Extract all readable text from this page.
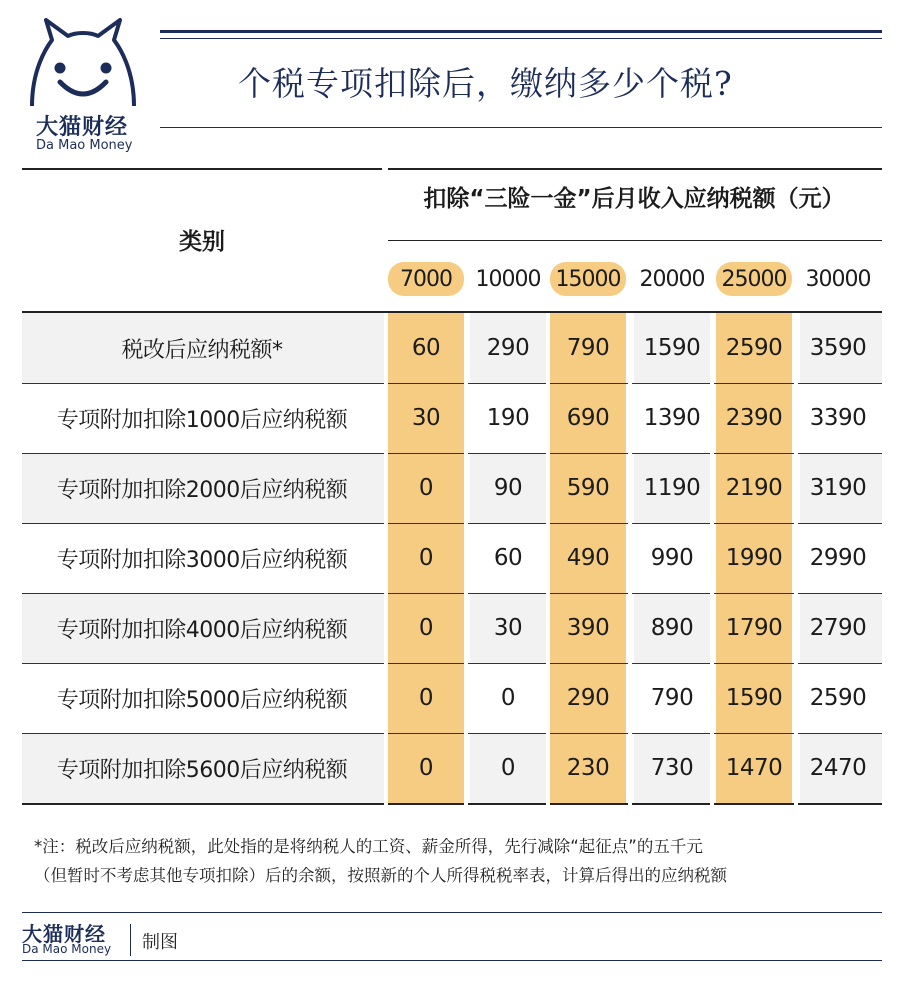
大猫财经
Da Mao Money
个税专项扣除后，缴纳多少个税?
类别
扣除“三险一金”后月收入应纳税额（元）
7000	10000 15000 20000 25000 30000
税改后应纳税额*	60	290	790	1590	2590	3590
专项附加扣除1000后应纳税额	30	190	690	1390	2390	3390
专项附加扣除2000后应纳税额	0	90	590	1190	2190	3190
专项附加扣除3000后应纳税额	0	60	490	990	1990	2990
专项附加扣除4000后应纳税额	0	30	390	890	1790	2790
专项附加扣除5000后应纳税额	0	0	290	790	1590	2590
专项附加扣除5600后应纳税额	0	0	230	730	1470	2470
*注：税改后应纳税额，此处指的是将纳税人的工资、薪金所得，先行减除“起征点”的五千元
（但暂时不考虑其他专项扣除）后的余额，按照新的个人所得税税率表，计算后得出的应纳税额
大猫财经
Da Mao Money 制图
